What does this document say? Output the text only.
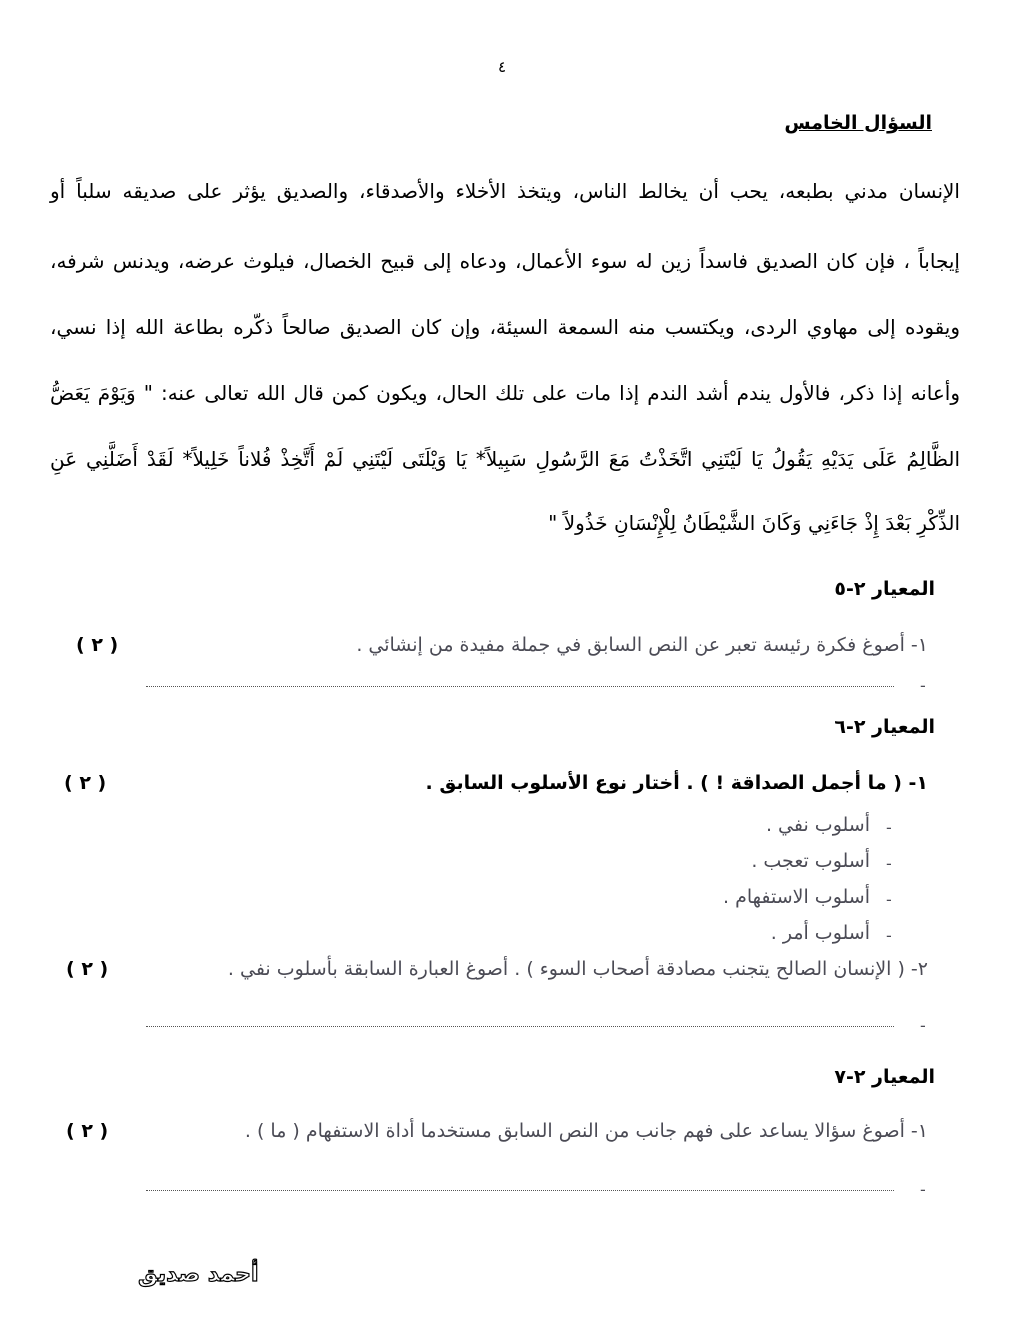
٤
السؤال الخامس
الإنسان مدني بطبعه، يحب أن يخالط الناس، ويتخذ الأخلاء والأصدقاء، والصديق يؤثر على صديقه سلباً أو
إيجاباً ، فإن كان الصديق فاسداً زين له سوء الأعمال، ودعاه إلى قبيح الخصال، فيلوث عرضه، ويدنس شرفه،
ويقوده إلى مهاوي الردى، ويكتسب منه السمعة السيئة، وإن كان الصديق صالحاً ذكّره بطاعة الله إذا نسي،
وأعانه إذا ذكر، فالأول يندم أشد الندم إذا مات على تلك الحال، ويكون كمن قال الله تعالى عنه: " وَيَوْمَ يَعَضُّ
الظَّالِمُ عَلَى يَدَيْهِ يَقُولُ يَا لَيْتَنِي اتَّخَذْتُ مَعَ الرَّسُولِ سَبِيلاً* يَا وَيْلَتَى لَيْتَنِي لَمْ أَتَّخِذْ فُلاناً خَلِيلاً* لَقَدْ أَضَلَّنِي عَنِ
الذِّكْرِ بَعْدَ إِذْ جَاءَنِي وَكَانَ الشَّيْطَانُ لِلْإِنْسَانِ خَذُولاً "
المعيار ٢-٥
١- أصوغ فكرة رئيسة تعبر عن النص السابق في جملة مفيدة من إنشائي .
( ٢ )
-
المعيار ٢-٦
١- ( ما أجمل الصداقة ! ) . أختار نوع الأسلوب السابق .
( ٢ )
-
أسلوب نفي .
-
أسلوب تعجب .
-
أسلوب الاستفهام .
-
أسلوب أمر .
٢- ( الإنسان الصالح يتجنب مصادقة أصحاب السوء ) . أصوغ العبارة السابقة بأسلوب نفي .
( ٢ )
-
المعيار ٢-٧
١- أصوغ سؤالا يساعد على فهم جانب من النص السابق مستخدما أداة الاستفهام ( ما ) .
( ٢ )
-
أحمد صديق
